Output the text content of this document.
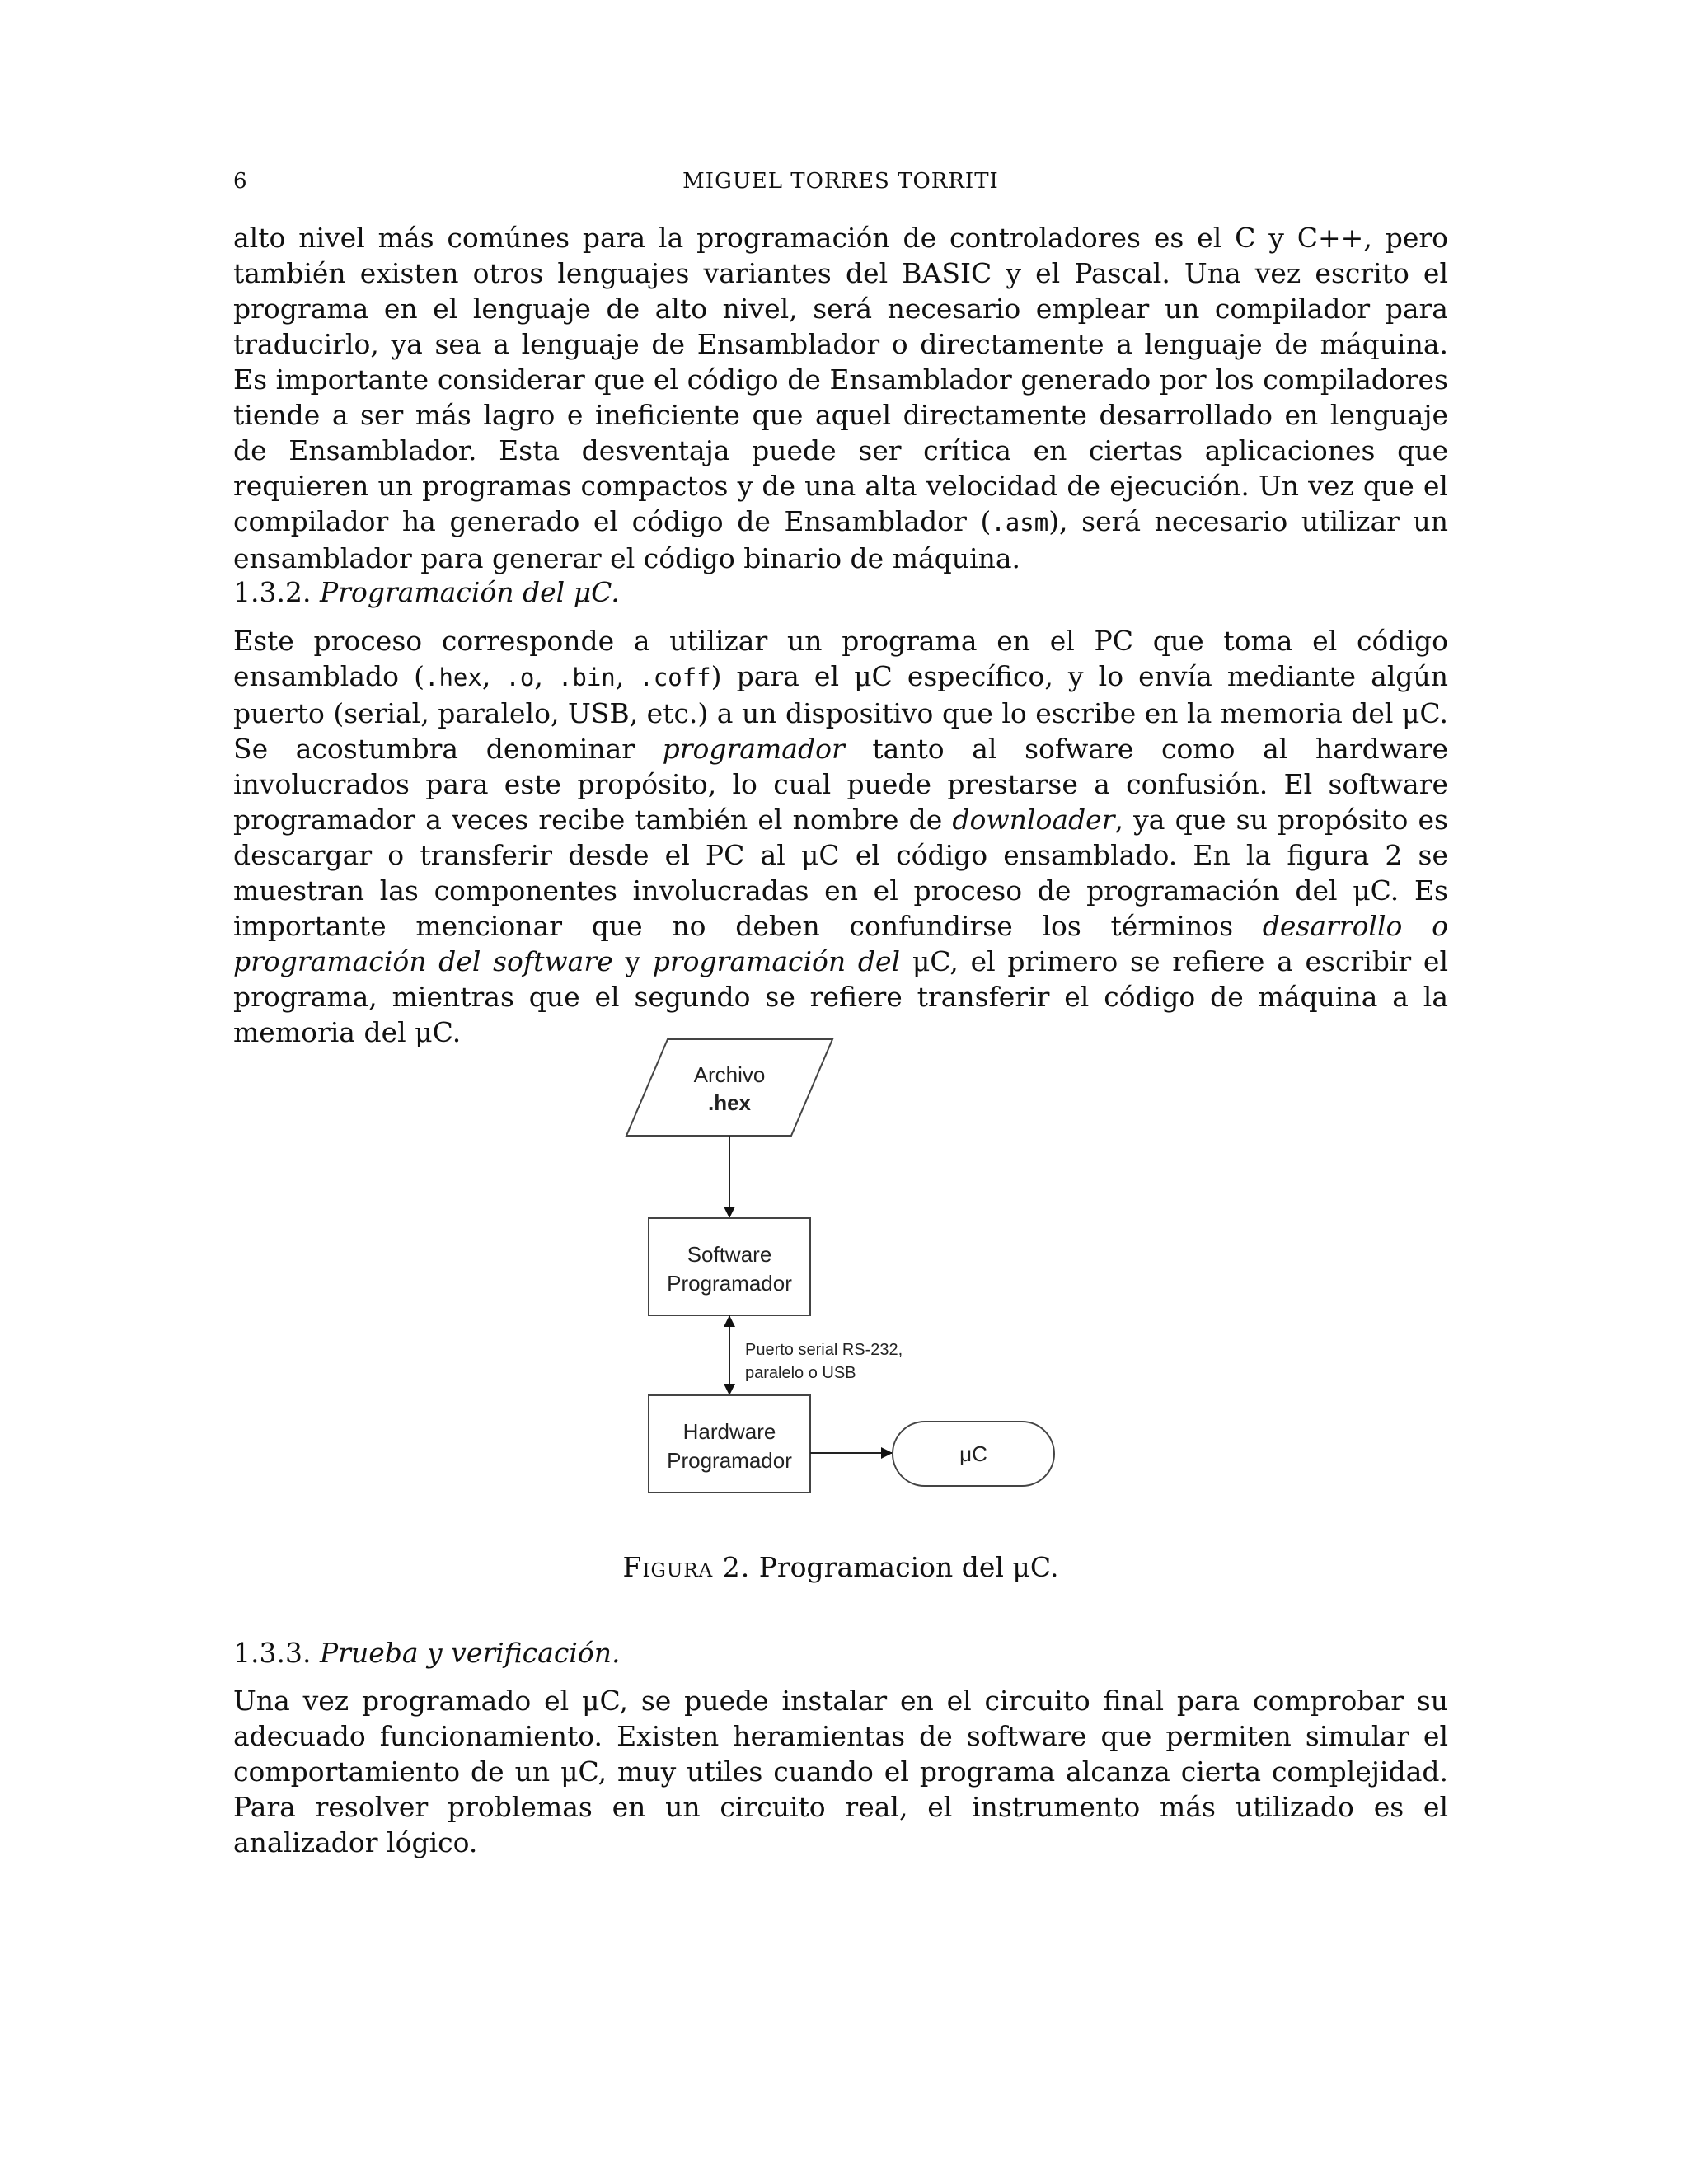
6	MIGUEL TORRES TORRITI

alto nivel más comúnes para la programación de controladores es el C y C++, pero también existen otros lenguajes variantes del BASIC y el Pascal. Una vez escrito el programa en el lenguaje de alto nivel, será necesario emplear un compilador para traducirlo, ya sea a lenguaje de Ensamblador o directamente a lenguaje de máquina. Es importante considerar que el código de Ensamblador generado por los compiladores tiende a ser más lagro e ineficiente que aquel directamente desarrollado en lenguaje de Ensamblador. Esta desventaja puede ser crítica en ciertas aplicaciones que requieren un programas compactos y de una alta velocidad de ejecución. Un vez que el compilador ha generado el código de Ensamblador (.asm), será necesario utilizar un ensamblador para generar el código binario de máquina.

1.3.2. Programación del μC.

Este proceso corresponde a utilizar un programa en el PC que toma el código ensamblado (.hex, .o, .bin, .coff) para el μC específico, y lo envía mediante algún puerto (serial, paralelo, USB, etc.) a un dispositivo que lo escribe en la memoria del μC. Se acostumbra denominar programador tanto al sofware como al hardware involucrados para este propósito, lo cual puede prestarse a confusión. El software programador a veces recibe también el nombre de downloader, ya que su propósito es descargar o transferir desde el PC al μC el código ensamblado. En la figura 2 se muestran las componentes involucradas en el proceso de programación del μC. Es importante mencionar que no deben confundirse los términos desarrollo o programación del software y programación del μC, el primero se refiere a escribir el programa, mientras que el segundo se refiere transferir el código de máquina a la memoria del μC.

Archivo
.hex
Software
Programador
Puerto serial RS-232,
paralelo o USB
Hardware
Programador	μC
Figura 2. Programacion del μC.

1.3.3. Prueba y verificación.

Una vez programado el μC, se puede instalar en el circuito final para comprobar su adecuado funcionamiento. Existen heramientas de software que permiten simular el comportamiento de un μC, muy utiles cuando el programa alcanza cierta complejidad. Para resolver problemas en un circuito real, el instrumento más utilizado es el analizador lógico.
